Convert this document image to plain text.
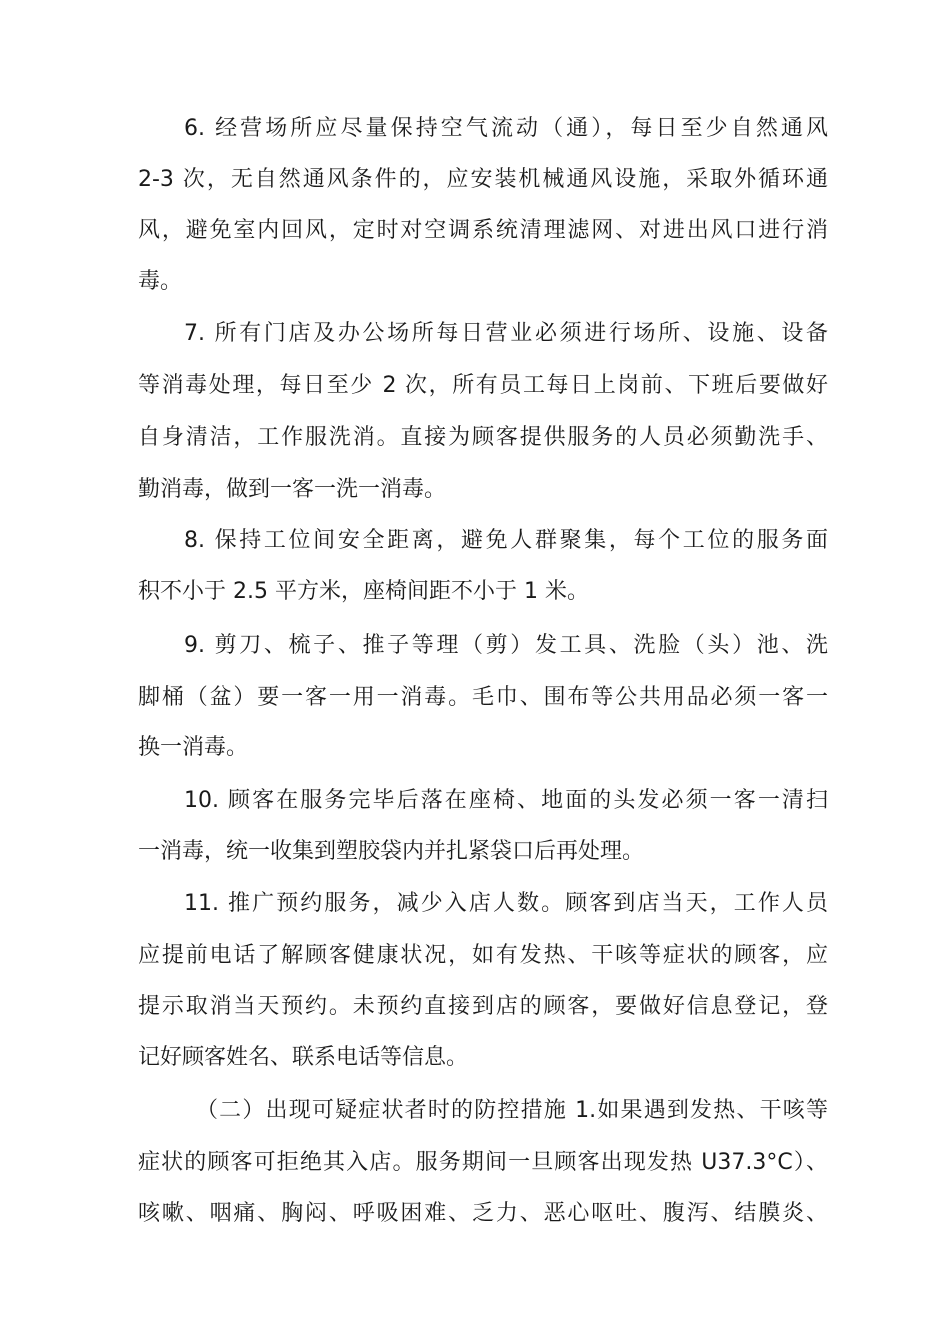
6. 经营场所应尽量保持空气流动（通），每日至少自然通风
2-3 次，无自然通风条件的，应安装机械通风设施，采取外循环通
风，避免室内回风，定时对空调系统清理滤网、对进出风口进行消
毒。
7. 所有门店及办公场所每日营业必须进行场所、设施、设备
等消毒处理，每日至少 2 次，所有员工每日上岗前、下班后要做好
自身清洁，工作服洗消。直接为顾客提供服务的人员必须勤洗手、
勤消毒，做到一客一洗一消毒。
8. 保持工位间安全距离，避免人群聚集，每个工位的服务面
积不小于 2.5 平方米，座椅间距不小于 1 米。
9. 剪刀、梳子、推子等理（剪）发工具、洗脸（头）池、洗
脚桶（盆）要一客一用一消毒。毛巾、围布等公共用品必须一客一
换一消毒。
10. 顾客在服务完毕后落在座椅、地面的头发必须一客一清扫
一消毒，统一收集到塑胶袋内并扎紧袋口后再处理。
11. 推广预约服务，减少入店人数。顾客到店当天，工作人员
应提前电话了解顾客健康状况，如有发热、干咳等症状的顾客，应
提示取消当天预约。未预约直接到店的顾客，要做好信息登记，登
记好顾客姓名、联系电话等信息。
（二）出现可疑症状者时的防控措施 1.如果遇到发热、干咳等
症状的顾客可拒绝其入店。服务期间一旦顾客出现发热 U37.3°C）、
咳嗽、咽痛、胸闷、呼吸困难、乏力、恶心呕吐、腹泻、结膜炎、
